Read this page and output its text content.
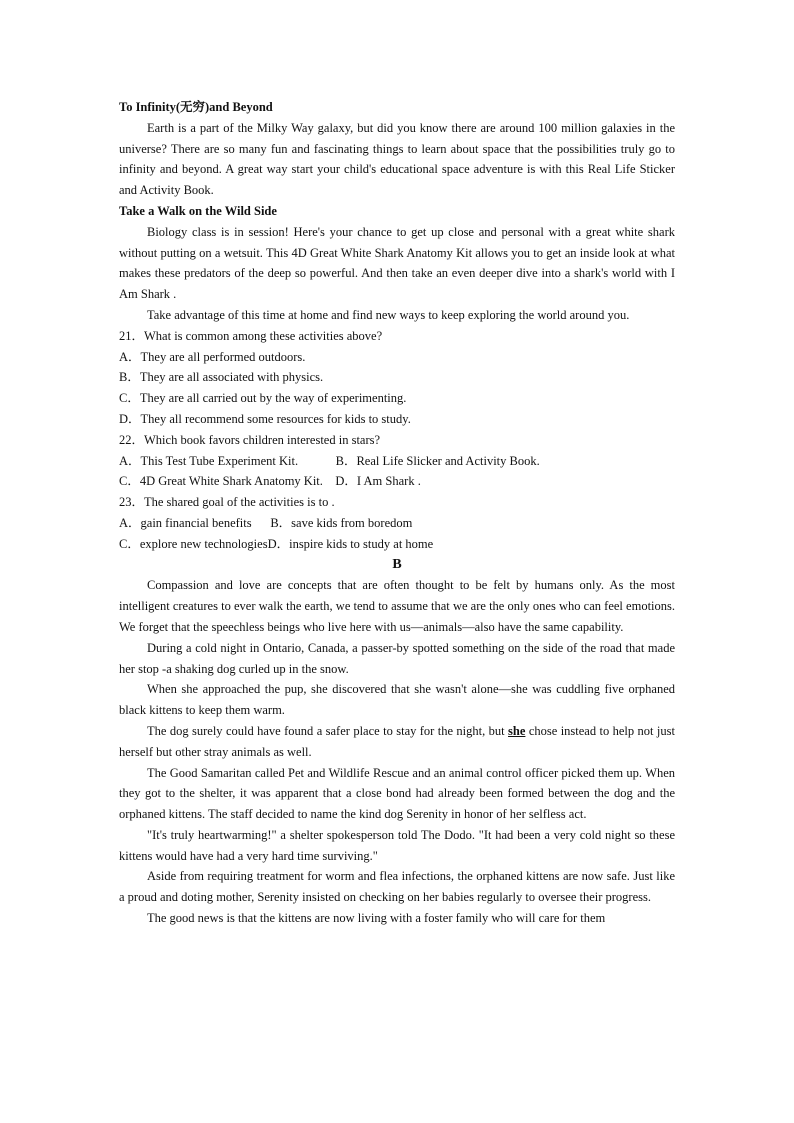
To Infinity(无穷)and Beyond
Earth is a part of the Milky Way galaxy, but did you know there are around 100 million galaxies in the universe? There are so many fun and fascinating things to learn about space that the possibilities truly go to infinity and beyond. A great way start your child's educational space adventure is with this Real Life Sticker and Activity Book.
Take a Walk on the Wild Side
Biology class is in session! Here's your chance to get up close and personal with a great white shark without putting on a wetsuit. This 4D Great White Shark Anatomy Kit allows you to get an inside look at what makes these predators of the deep so powerful. And then take an even deeper dive into a shark's world with I Am Shark .
Take advantage of this time at home and find new ways to keep exploring the world around you.
21．What is common among these activities above?
A．They are all performed outdoors.
B．They are all associated with physics.
C．They are all carried out by the way of experimenting.
D．They all recommend some resources for kids to study.
22．Which book favors children interested in stars?
A．This Test Tube Experiment Kit.            B．Real Life Slicker and Activity Book.
C．4D Great White Shark Anatomy Kit.    D．I Am Shark .
23．The shared goal of the activities is to .
A．gain financial benefits      B．save kids from boredom
C．explore new technologiesD．inspire kids to study at home
B
Compassion and love are concepts that are often thought to be felt by humans only. As the most intelligent creatures to ever walk the earth, we tend to assume that we are the only ones who can feel emotions. We forget that the speechless beings who live here with us—animals—also have the same capability.
During a cold night in Ontario, Canada, a passer-by spotted something on the side of the road that made her stop -a shaking dog curled up in the snow.
When she approached the pup, she discovered that she wasn't alone—she was cuddling five orphaned black kittens to keep them warm.
The dog surely could have found a safer place to stay for the night, but she chose instead to help not just herself but other stray animals as well.
The Good Samaritan called Pet and Wildlife Rescue and an animal control officer picked them up. When they got to the shelter, it was apparent that a close bond had already been formed between the dog and the orphaned kittens. The staff decided to name the kind dog Serenity in honor of her selfless act.
"It's truly heartwarming!" a shelter spokesperson told The Dodo. "It had been a very cold night so these kittens would have had a very hard time surviving."
Aside from requiring treatment for worm and flea infections, the orphaned kittens are now safe. Just like a proud and doting mother, Serenity insisted on checking on her babies regularly to oversee their progress.
The good news is that the kittens are now living with a foster family who will care for them
